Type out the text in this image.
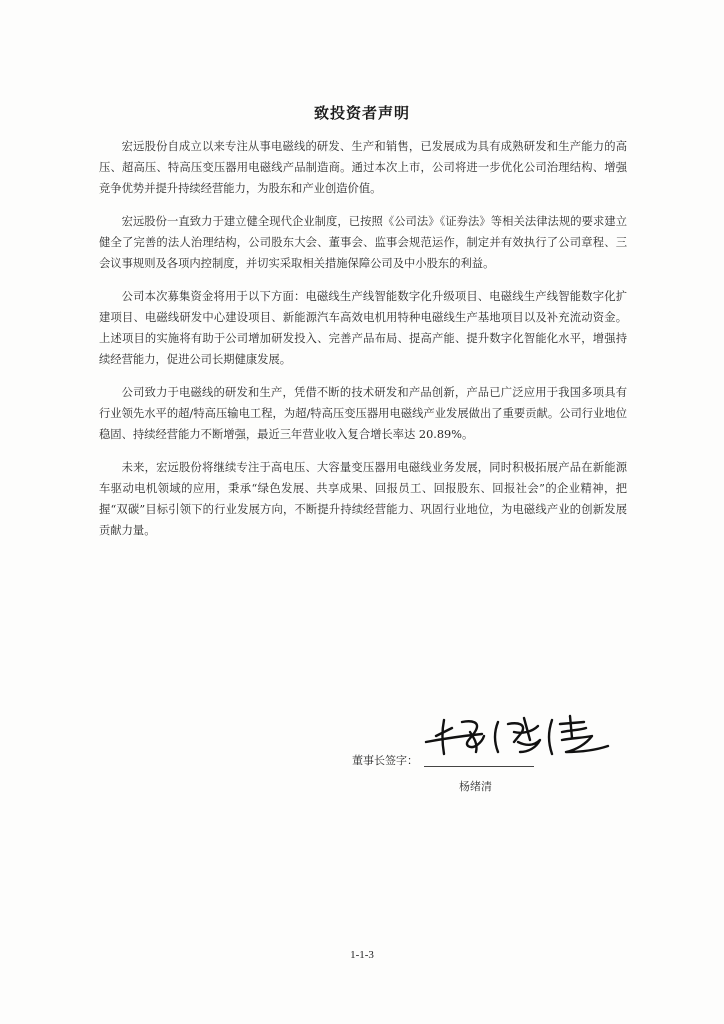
致投资者声明

宏远股份自成立以来专注从事电磁线的研发、生产和销售，已发展成为具有成熟研发和生产能力的高压、超高压、特高压变压器用电磁线产品制造商。通过本次上市，公司将进一步优化公司治理结构、增强竞争优势并提升持续经营能力，为股东和产业创造价值。

宏远股份一直致力于建立健全现代企业制度，已按照《公司法》《证券法》等相关法律法规的要求建立健全了完善的法人治理结构，公司股东大会、董事会、监事会规范运作，制定并有效执行了公司章程、三会议事规则及各项内控制度，并切实采取相关措施保障公司及中小股东的利益。

公司本次募集资金将用于以下方面：电磁线生产线智能数字化升级项目、电磁线生产线智能数字化扩建项目、电磁线研发中心建设项目、新能源汽车高效电机用特种电磁线生产基地项目以及补充流动资金。上述项目的实施将有助于公司增加研发投入、完善产品布局、提高产能、提升数字化智能化水平，增强持续经营能力，促进公司长期健康发展。

公司致力于电磁线的研发和生产，凭借不断的技术研发和产品创新，产品已广泛应用于我国多项具有行业领先水平的超/特高压输电工程，为超/特高压变压器用电磁线产业发展做出了重要贡献。公司行业地位稳固、持续经营能力不断增强，最近三年营业收入复合增长率达 20.89%。

未来，宏远股份将继续专注于高电压、大容量变压器用电磁线业务发展，同时积极拓展产品在新能源车驱动电机领域的应用，秉承“绿色发展、共享成果、回报员工、回报股东、回报社会”的企业精神，把握“双碳”目标引领下的行业发展方向，不断提升持续经营能力、巩固行业地位，为电磁线产业的创新发展贡献力量。

董事长签字：
杨绪清
1-1-3
